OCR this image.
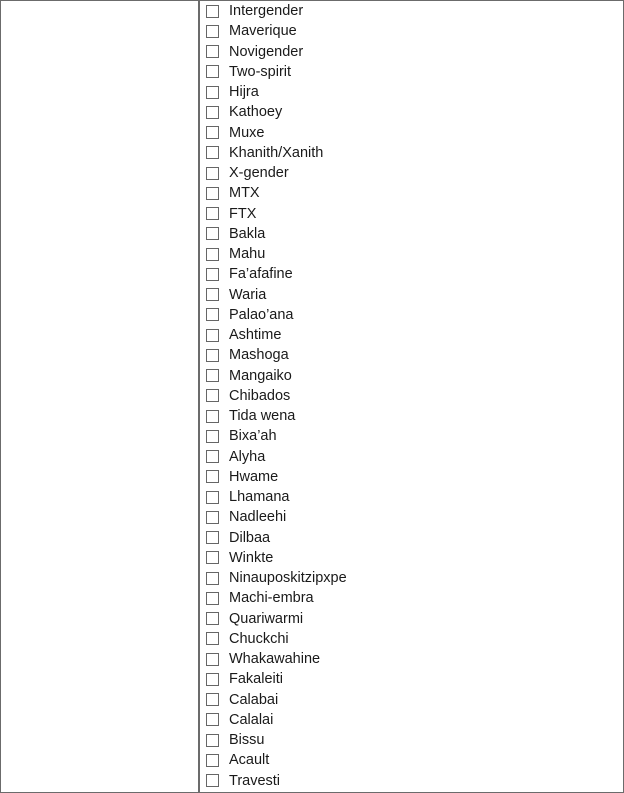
Intergender
Maverique
Novigender
Two-spirit
Hijra
Kathoey
Muxe
Khanith/Xanith
X-gender
MTX
FTX
Bakla
Mahu
Fa’afafine
Waria
Palao’ana
Ashtime
Mashoga
Mangaiko
Chibados
Tida wena
Bixa’ah
Alyha
Hwame
Lhamana
Nadleehi
Dilbaa
Winkte
Ninauposkitzipxpe
Machi-embra
Quariwarmi
Chuckchi
Whakawahine
Fakaleiti
Calabai
Calalai
Bissu
Acault
Travesti
